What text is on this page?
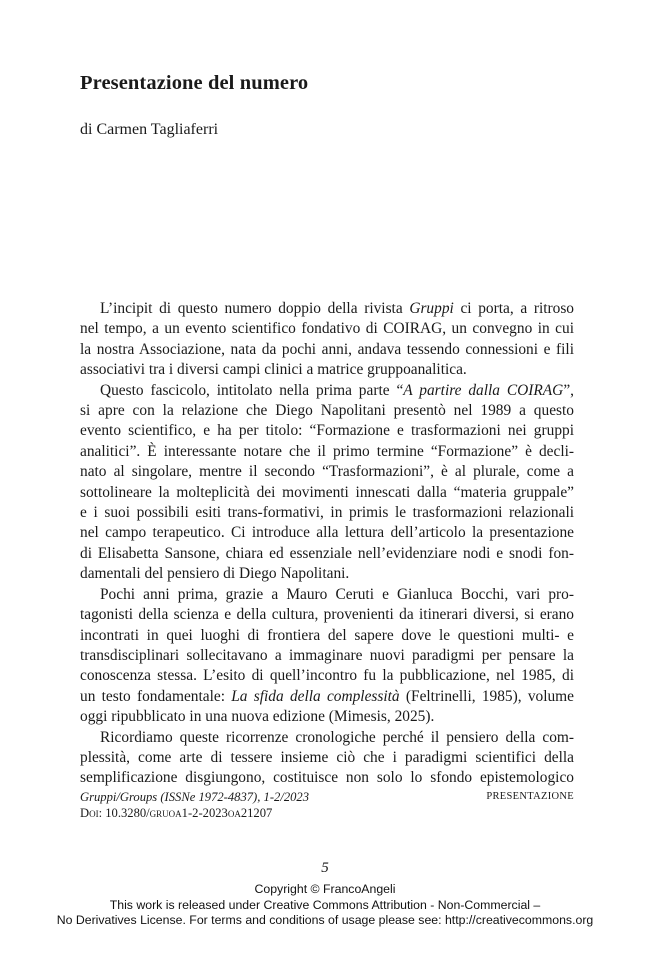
Presentazione del numero
di Carmen Tagliaferri
L’incipit di questo numero doppio della rivista Gruppi ci porta, a ritroso
nel tempo, a un evento scientifico fondativo di COIRAG, un convegno in cui
la nostra Associazione, nata da pochi anni, andava tessendo connessioni e fili
associativi tra i diversi campi clinici a matrice gruppoanalitica.
Questo fascicolo, intitolato nella prima parte “A partire dalla COIRAG”,
si apre con la relazione che Diego Napolitani presentò nel 1989 a questo
evento scientifico, e ha per titolo: “Formazione e trasformazioni nei gruppi
analitici”. È interessante notare che il primo termine “Formazione” è decli-
nato al singolare, mentre il secondo “Trasformazioni”, è al plurale, come a
sottolineare la molteplicità dei movimenti innescati dalla “materia gruppale”
e i suoi possibili esiti trans-formativi, in primis le trasformazioni relazionali
nel campo terapeutico. Ci introduce alla lettura dell’articolo la presentazione
di Elisabetta Sansone, chiara ed essenziale nell’evidenziare nodi e snodi fon-
damentali del pensiero di Diego Napolitani.
Pochi anni prima, grazie a Mauro Ceruti e Gianluca Bocchi, vari pro-
tagonisti della scienza e della cultura, provenienti da itinerari diversi, si erano
incontrati in quei luoghi di frontiera del sapere dove le questioni multi- e
transdisciplinari sollecitavano a immaginare nuovi paradigmi per pensare la
conoscenza stessa. L’esito di quell’incontro fu la pubblicazione, nel 1985, di
un testo fondamentale: La sfida della complessità (Feltrinelli, 1985), volume
oggi ripubblicato in una nuova edizione (Mimesis, 2025).
Ricordiamo queste ricorrenze cronologiche perché il pensiero della com-
plessità, come arte di tessere insieme ciò che i paradigmi scientifici della
semplificazione disgiungono, costituisce non solo lo sfondo epistemologico
Gruppi/Groups (ISSNe 1972-4837), 1-2/2023
Doi: 10.3280/gruoa1-2-2023oa21207
PRESENTAZIONE
5
Copyright © FrancoAngeli
This work is released under Creative Commons Attribution - Non-Commercial –
No Derivatives License. For terms and conditions of usage please see: http://creativecommons.org
